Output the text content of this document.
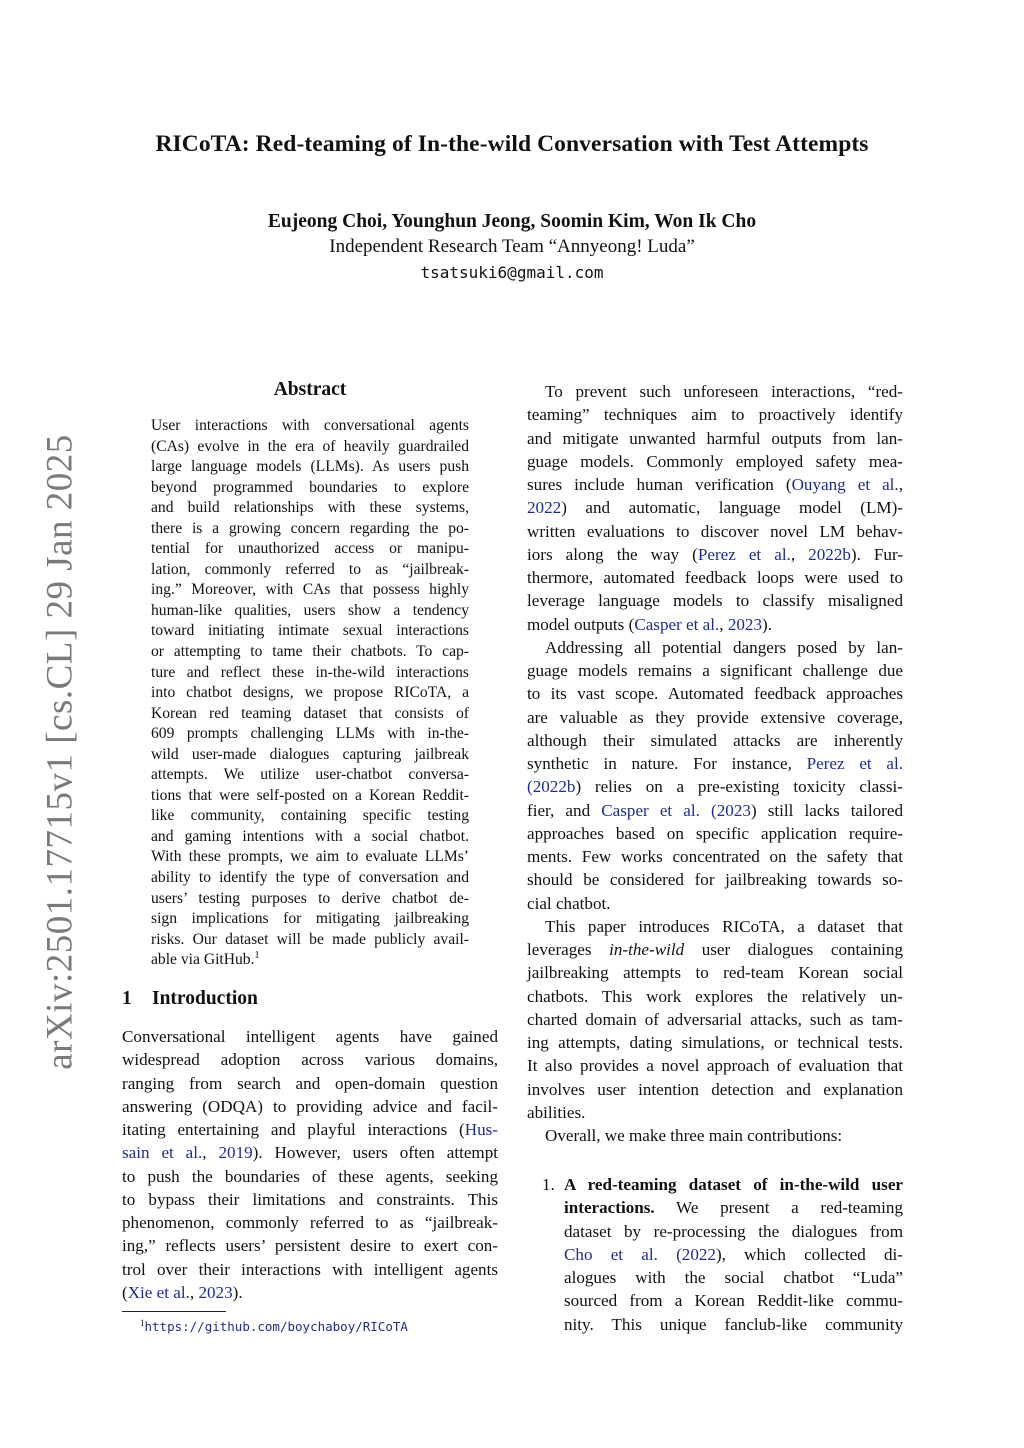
arXiv:2501.17715v1 [cs.CL] 29 Jan 2025
RICoTA: Red-teaming of In-the-wild Conversation with Test Attempts
Eujeong Choi, Younghun Jeong, Soomin Kim, Won Ik Cho
Independent Research Team “Annyeong! Luda”
tsatsuki6@gmail.com
Abstract
User interactions with conversational agents
(CAs) evolve in the era of heavily guardrailed
large language models (LLMs). As users push
beyond programmed boundaries to explore
and build relationships with these systems,
there is a growing concern regarding the po-
tential for unauthorized access or manipu-
lation, commonly referred to as “jailbreak-
ing.” Moreover, with CAs that possess highly
human-like qualities, users show a tendency
toward initiating intimate sexual interactions
or attempting to tame their chatbots. To cap-
ture and reflect these in-the-wild interactions
into chatbot designs, we propose RICoTA, a
Korean red teaming dataset that consists of
609 prompts challenging LLMs with in-the-
wild user-made dialogues capturing jailbreak
attempts. We utilize user-chatbot conversa-
tions that were self-posted on a Korean Reddit-
like community, containing specific testing
and gaming intentions with a social chatbot.
With these prompts, we aim to evaluate LLMs’
ability to identify the type of conversation and
users’ testing purposes to derive chatbot de-
sign implications for mitigating jailbreaking
risks. Our dataset will be made publicly avail-
able via GitHub.$^1$
1 Introduction
Conversational intelligent agents have gained
widespread adoption across various domains,
ranging from search and open-domain question
answering (ODQA) to providing advice and facil-
itating entertaining and playful interactions (Hus-
sain et al., 2019). However, users often attempt
to push the boundaries of these agents, seeking
to bypass their limitations and constraints. This
phenomenon, commonly referred to as “jailbreak-
ing,” reflects users’ persistent desire to exert con-
trol over their interactions with intelligent agents
(Xie et al., 2023).
$^1$https://github.com/boychaboy/RICoTA
To prevent such unforeseen interactions, “red-
teaming” techniques aim to proactively identify
and mitigate unwanted harmful outputs from lan-
guage models. Commonly employed safety mea-
sures include human verification (Ouyang et al.,
2022) and automatic, language model (LM)-
written evaluations to discover novel LM behav-
iors along the way (Perez et al., 2022b). Fur-
thermore, automated feedback loops were used to
leverage language models to classify misaligned
model outputs (Casper et al., 2023).
Addressing all potential dangers posed by lan-
guage models remains a significant challenge due
to its vast scope. Automated feedback approaches
are valuable as they provide extensive coverage,
although their simulated attacks are inherently
synthetic in nature. For instance, Perez et al.
(2022b) relies on a pre-existing toxicity classi-
fier, and Casper et al. (2023) still lacks tailored
approaches based on specific application require-
ments. Few works concentrated on the safety that
should be considered for jailbreaking towards so-
cial chatbot.
This paper introduces RICoTA, a dataset that
leverages in-the-wild user dialogues containing
jailbreaking attempts to red-team Korean social
chatbots. This work explores the relatively un-
charted domain of adversarial attacks, such as tam-
ing attempts, dating simulations, or technical tests.
It also provides a novel approach of evaluation that
involves user intention detection and explanation
abilities.
Overall, we make three main contributions:
1. A red-teaming dataset of in-the-wild user
interactions. We present a red-teaming
dataset by re-processing the dialogues from
Cho et al. (2022), which collected di-
alogues with the social chatbot “Luda”
sourced from a Korean Reddit-like commu-
nity. This unique fanclub-like community
